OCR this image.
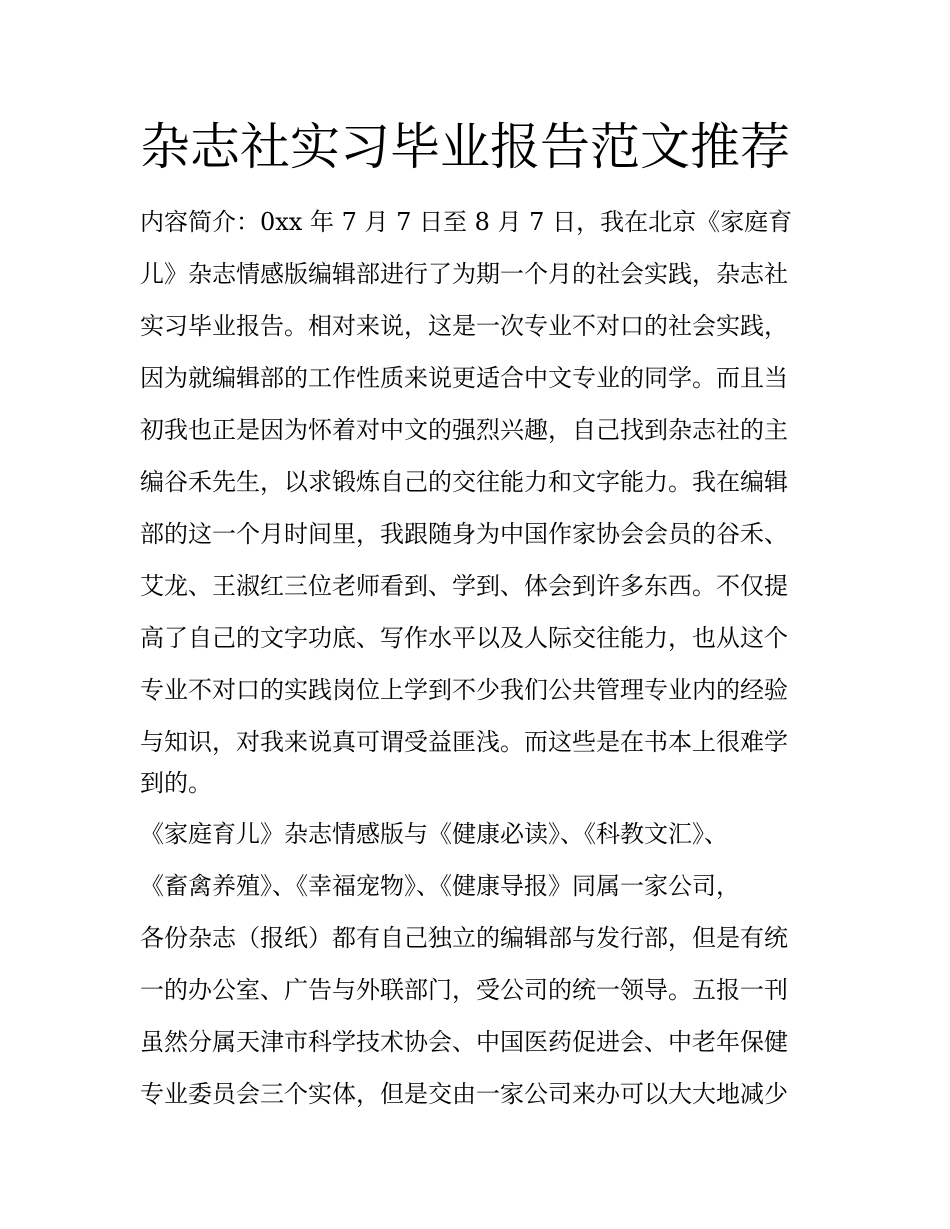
杂志社实习毕业报告范文推荐
内容简介：0xx 年 7 月 7 日至 8 月 7 日，我在北京《家庭育
儿》杂志情感版编辑部进行了为期一个月的社会实践，杂志社
实习毕业报告。相对来说，这是一次专业不对口的社会实践，
因为就编辑部的工作性质来说更适合中文专业的同学。而且当
初我也正是因为怀着对中文的强烈兴趣，自己找到杂志社的主
编谷禾先生，以求锻炼自己的交往能力和文字能力。我在编辑
部的这一个月时间里，我跟随身为中国作家协会会员的谷禾、
艾龙、王淑红三位老师看到、学到、体会到许多东西。不仅提
高了自己的文字功底、写作水平以及人际交往能力，也从这个
专业不对口的实践岗位上学到不少我们公共管理专业内的经验
与知识，对我来说真可谓受益匪浅。而这些是在书本上很难学
到的。
《家庭育儿》杂志情感版与《健康必读》、《科教文汇》、
《畜禽养殖》、《幸福宠物》、《健康导报》同属一家公司，
各份杂志（报纸）都有自己独立的编辑部与发行部，但是有统
一的办公室、广告与外联部门，受公司的统一领导。五报一刊
虽然分属天津市科学技术协会、中国医药促进会、中老年保健
专业委员会三个实体，但是交由一家公司来办可以大大地减少
